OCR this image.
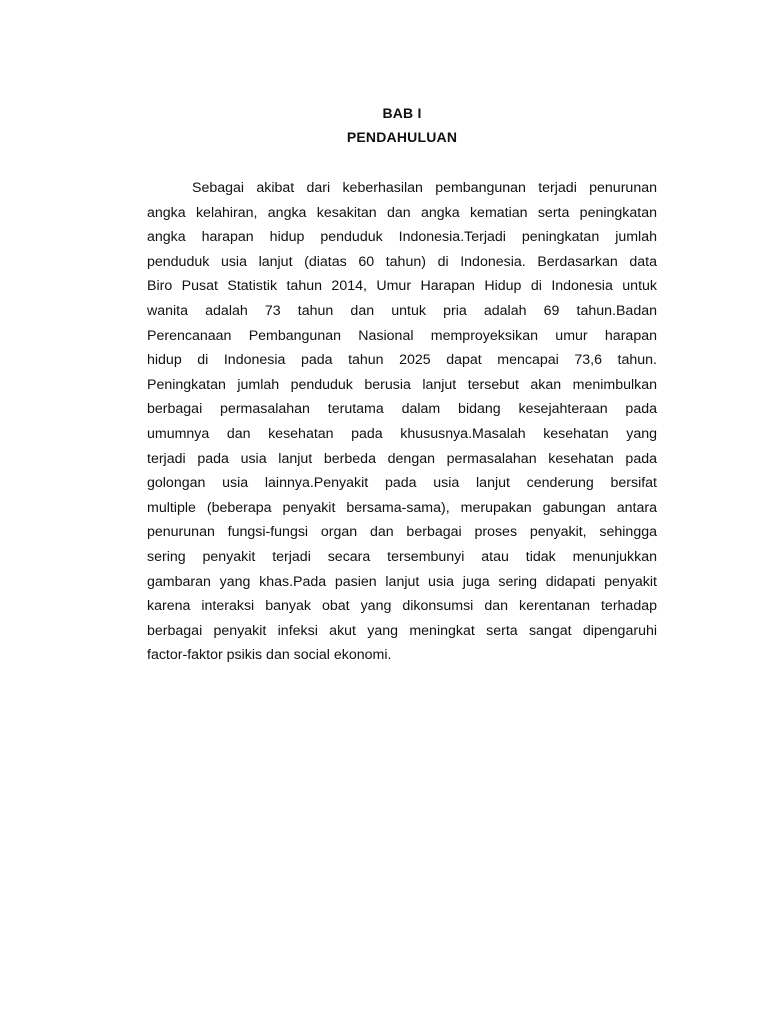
BAB I
PENDAHULUAN
Sebagai akibat dari keberhasilan pembangunan terjadi penurunan
angka kelahiran, angka kesakitan dan angka kematian serta peningkatan
angka harapan hidup penduduk Indonesia.Terjadi peningkatan jumlah
penduduk usia lanjut (diatas 60 tahun) di Indonesia. Berdasarkan data
Biro Pusat Statistik tahun 2014, Umur Harapan Hidup di Indonesia untuk
wanita adalah 73 tahun dan untuk pria adalah 69 tahun.Badan
Perencanaan Pembangunan Nasional memproyeksikan umur harapan
hidup di Indonesia pada tahun 2025 dapat mencapai 73,6 tahun.
Peningkatan jumlah penduduk berusia lanjut tersebut akan menimbulkan
berbagai permasalahan terutama dalam bidang kesejahteraan pada
umumnya dan kesehatan pada khususnya.Masalah kesehatan yang
terjadi pada usia lanjut berbeda dengan permasalahan kesehatan pada
golongan usia lainnya.Penyakit pada usia lanjut cenderung bersifat
multiple (beberapa penyakit bersama-sama), merupakan gabungan antara
penurunan fungsi-fungsi organ dan berbagai proses penyakit, sehingga
sering penyakit terjadi secara tersembunyi atau tidak menunjukkan
gambaran yang khas.Pada pasien lanjut usia juga sering didapati penyakit
karena interaksi banyak obat yang dikonsumsi dan kerentanan terhadap
berbagai penyakit infeksi akut yang meningkat serta sangat dipengaruhi
factor-faktor psikis dan social ekonomi.
